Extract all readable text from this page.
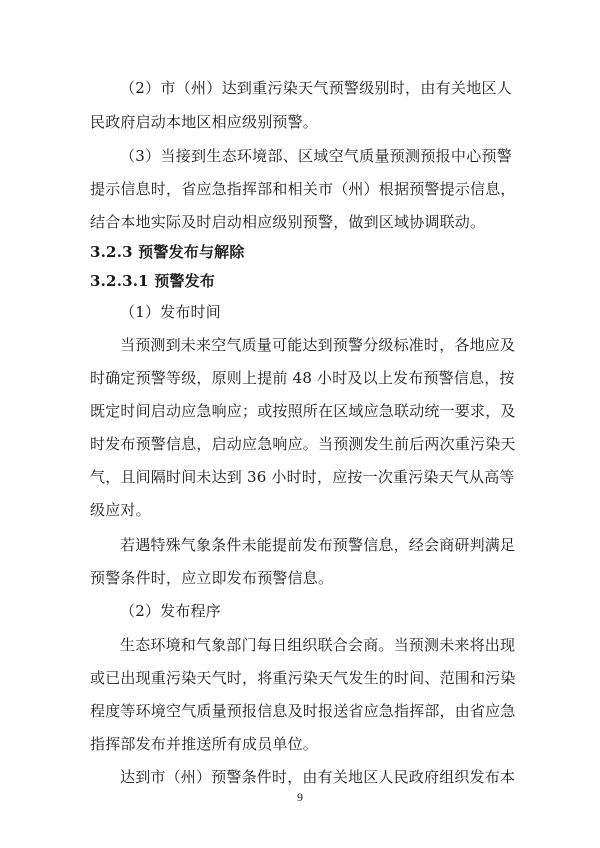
（2）市（州）达到重污染天气预警级别时，由有关地区人
民政府启动本地区相应级别预警。
（3）当接到生态环境部、区域空气质量预测预报中心预警
提示信息时，省应急指挥部和相关市（州）根据预警提示信息，
结合本地实际及时启动相应级别预警，做到区域协调联动。
3.2.3 预警发布与解除
3.2.3.1 预警发布
（1）发布时间
当预测到未来空气质量可能达到预警分级标准时，各地应及
时确定预警等级，原则上提前 48 小时及以上发布预警信息，按
既定时间启动应急响应；或按照所在区域应急联动统一要求，及
时发布预警信息，启动应急响应。当预测发生前后两次重污染天
气，且间隔时间未达到 36 小时时，应按一次重污染天气从高等
级应对。
若遇特殊气象条件未能提前发布预警信息，经会商研判满足
预警条件时，应立即发布预警信息。
（2）发布程序
生态环境和气象部门每日组织联合会商。当预测未来将出现
或已出现重污染天气时，将重污染天气发生的时间、范围和污染
程度等环境空气质量预报信息及时报送省应急指挥部，由省应急
指挥部发布并推送所有成员单位。
达到市（州）预警条件时，由有关地区人民政府组织发布本
9
